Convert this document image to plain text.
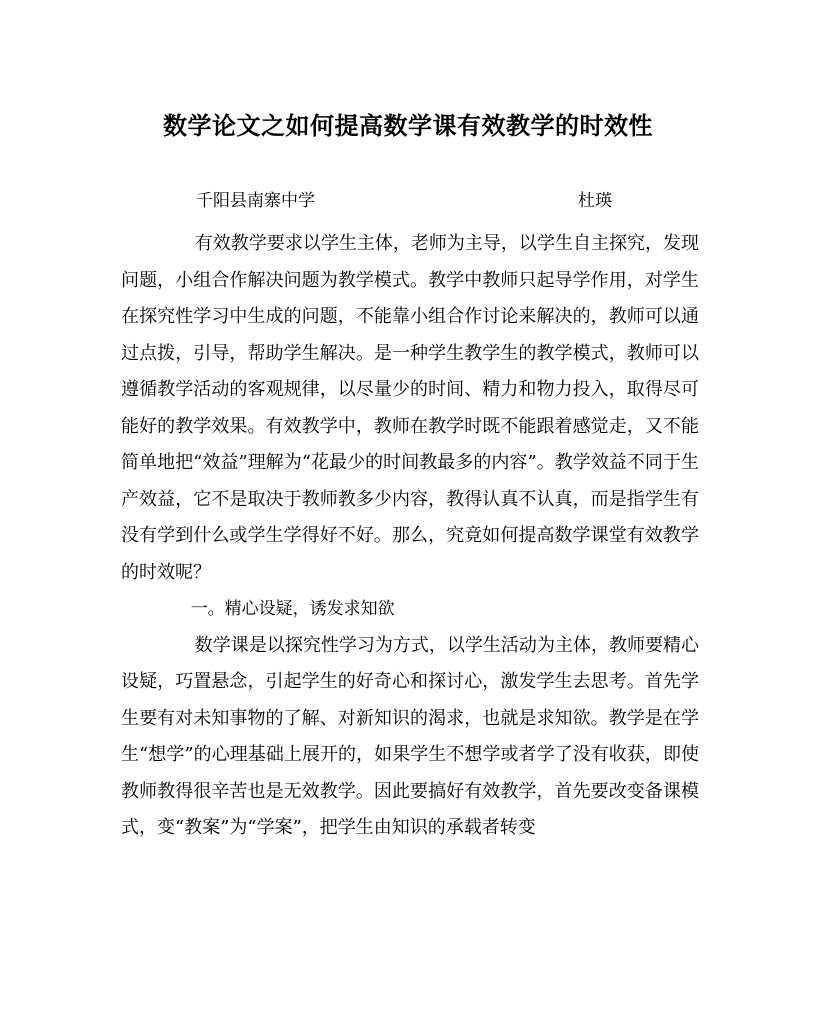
数学论文之如何提高数学课有效教学的时效性
千阳县南寨中学	杜瑛

有效教学要求以学生主体，老师为主导，以学生自主探究，发现问题，小组合作解决问题为教学模式。教学中教师只起导学作用，对学生在探究性学习中生成的问题，不能靠小组合作讨论来解决的，教师可以通过点拨，引导，帮助学生解决。是一种学生教学生的教学模式，教师可以遵循教学活动的客观规律，以尽量少的时间、精力和物力投入，取得尽可能好的教学效果。有效教学中，教师在教学时既不能跟着感觉走，又不能简单地把“效益”理解为“花最少的时间教最多的内容”。教学效益不同于生产效益，它不是取决于教师教多少内容，教得认真不认真，而是指学生有没有学到什么或学生学得好不好。那么，究竟如何提高数学课堂有效教学的时效呢？

一。精心设疑，诱发求知欲

数学课是以探究性学习为方式，以学生活动为主体，教师要精心设疑，巧置悬念，引起学生的好奇心和探讨心，激发学生去思考。首先学生要有对未知事物的了解、对新知识的渴求，也就是求知欲。教学是在学生“想学”的心理基础上展开的，如果学生不想学或者学了没有收获，即使教师教得很辛苦也是无效教学。因此要搞好有效教学，首先要改变备课模式，变“教案”为“学案”，把学生由知识的承载者转变
